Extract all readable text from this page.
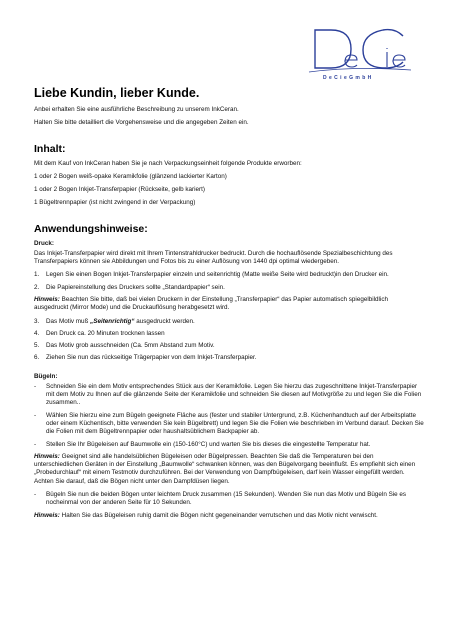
D e C i e G m b H
Liebe Kundin, lieber Kunde.

Anbei erhalten Sie eine ausführliche Beschreibung zu unserem InkCeran.

Halten Sie bitte detailliert die Vorgehensweise und die angegeben Zeiten ein.

Inhalt:

Mit dem Kauf von InkCeran haben Sie je nach Verpackungseinheit folgende Produkte erworben:

1 oder 2 Bogen weiß-opake Keramikfolie (glänzend lackierter Karton)

1 oder 2 Bogen Inkjet-Transferpapier (Rückseite, gelb kariert)

1 Bügeltrennpapier (ist nicht zwingend in der Verpackung)

Anwendungshinweise:
Druck:

Das Inkjet-Transferpapier wird direkt mit Ihrem Tintenstrahldrucker bedruckt. Durch die hochauflösende Spezialbeschichtung des Transferpapiers können sie Abbildungen und Fotos bis zu einer Auflösung von 1440 dpi optimal wiedergeben.

1. Legen Sie einen Bogen Inkjet-Transferpapier einzeln und seitenrichtig (Matte weiße Seite wird bedruckt)in den Drucker ein.
2. Die Papiereinstellung des Druckers sollte „Standardpapier“ sein.

Hinweis: Beachten Sie bitte, daß bei vielen Druckern in der Einstellung „Transferpapier“ das Papier automatisch spiegelbildlich ausgedruckt (Mirror Mode) und die Druckauflösung herabgesetzt wird.

3. Das Motiv muß „Seitenrichtig“ ausgedruckt werden.
4. Den Druck ca. 20 Minuten trocknen lassen
5. Das Motiv grob ausschneiden (Ca. 5mm Abstand zum Motiv.
6. Ziehen Sie nun das rückseitige Trägerpapier von dem Inkjet-Transferpapier.
Bügeln:
- Schneiden Sie ein dem Motiv entsprechendes Stück aus der Keramikfolie. Legen Sie hierzu das zugeschnittene Inkjet-Transferpapier mit dem Motiv zu Ihnen auf die glänzende Seite der Keramikfolie und schneiden Sie diesen auf Motivgröße zu und legen Sie die Folien zusammen..
- Wählen Sie hierzu eine zum Bügeln geeignete Fläche aus (fester und stabiler Untergrund, z.B. Küchenhandtuch auf der Arbeitsplatte oder einem Küchentisch, bitte verwenden Sie kein Bügelbrett) und legen Sie die Folien wie beschrieben im Verbund darauf. Decken Sie die Folien mit dem Bügeltrennpapier oder haushaltsüblichem Backpapier ab.
- Stellen Sie Ihr Bügeleisen auf Baumwolle ein (150-160°C) und warten Sie bis dieses die eingestellte Temperatur hat.

Hinweis: Geeignet sind alle handelsüblichen Bügeleisen oder Bügelpressen. Beachten Sie daß die Temperaturen bei den unterschiedlichen Geräten in der Einstellung „Baumwolle“ schwanken können, was den Bügelvorgang beeinflußt. Es empfiehlt sich einen „Probedurchlauf“ mit einem Testmotiv durchzuführen. Bei der Verwendung von Dampfbügeleisen, darf kein Wasser eingefüllt werden. Achten Sie darauf, daß die Bögen nicht unter den Dampfdüsen liegen.

- Bügeln Sie nun die beiden Bögen unter leichtem Druck zusammen (15 Sekunden). Wenden Sie nun das Motiv und Bügeln Sie es nocheinmal von der anderen Seite für 10 Sekunden.

Hinweis: Halten Sie das Bügeleisen ruhig damit die Bögen nicht gegeneinander verrutschen und das Motiv nicht verwischt.
